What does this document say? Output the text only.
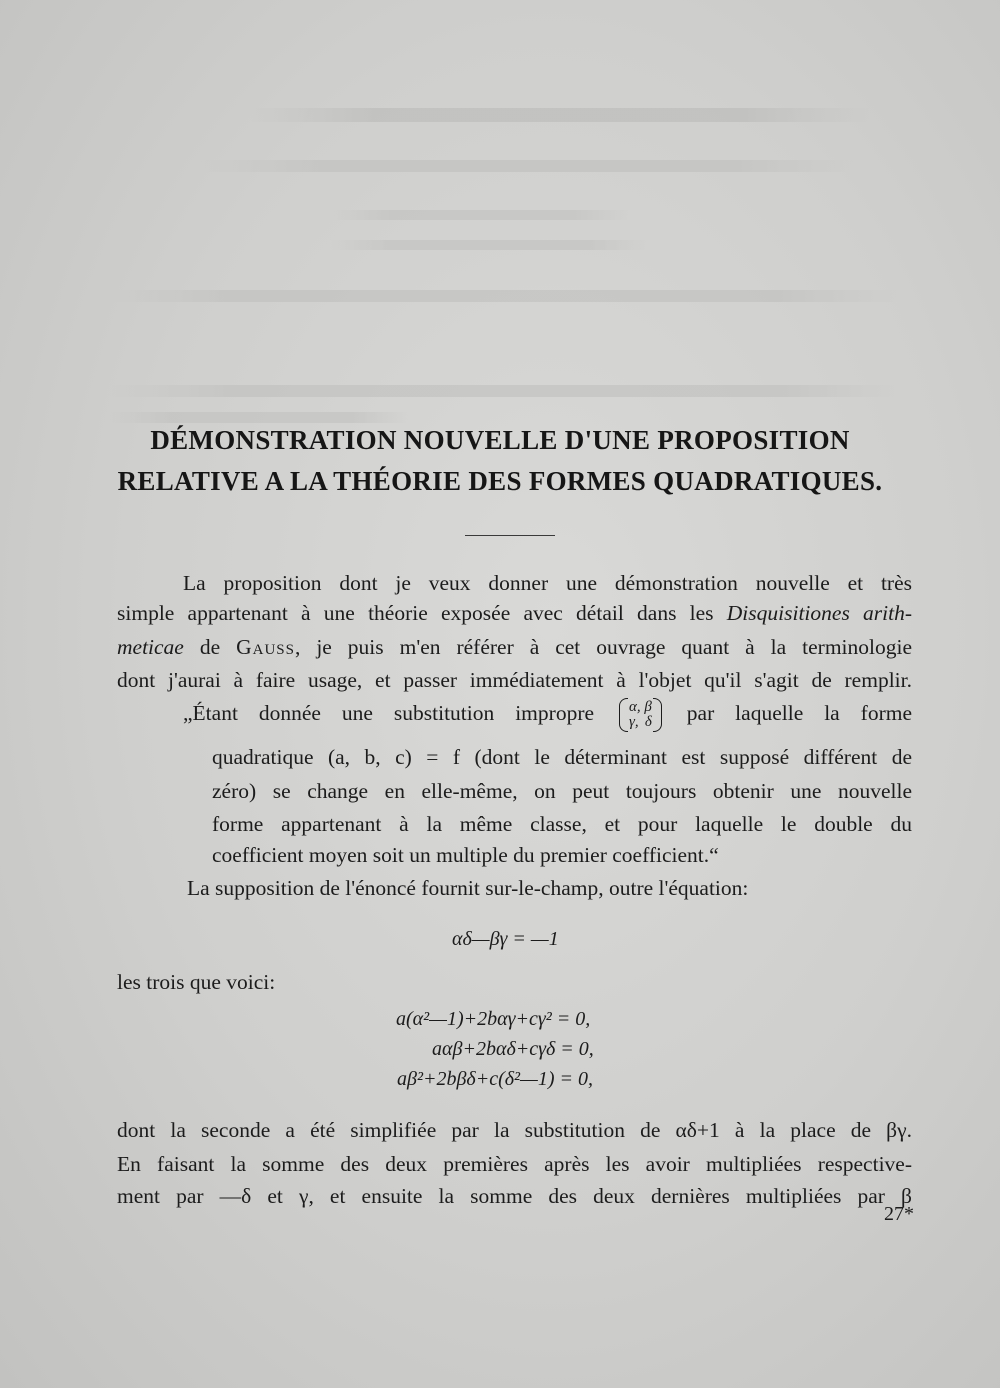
DÉMONSTRATION NOUVELLE D'UNE PROPOSITION
RELATIVE A LA THÉORIE DES FORMES QUADRATIQUES.
La proposition dont je veux donner une démonstration nouvelle et très
simple appartenant à une théorie exposée avec détail dans les Disquisitiones arith-
meticae de Gauss, je puis m'en référer à cet ouvrage quant à la terminologie
dont j'aurai à faire usage, et passer immédiatement à l'objet qu'il s'agit de remplir.
„Étant donnée une substitution impropre α, β
γ, δ par laquelle la forme
quadratique (a, b, c) = f (dont le déterminant est supposé différent de
zéro) se change en elle-même, on peut toujours obtenir une nouvelle
forme appartenant à la même classe, et pour laquelle le double du
coefficient moyen soit un multiple du premier coefficient.“
La supposition de l'énoncé fournit sur-le-champ, outre l'équation:
αδ—βγ = —1
les trois que voici:
a(α²—1)+2bαγ+cγ² = 0,
aαβ+2bαδ+cγδ = 0,
aβ²+2bβδ+c(δ²—1) = 0,
dont la seconde a été simplifiée par la substitution de αδ+1 à la place de βγ.
En faisant la somme des deux premières après les avoir multipliées respective-
ment par —δ et γ, et ensuite la somme des deux dernières multipliées par β
27*
